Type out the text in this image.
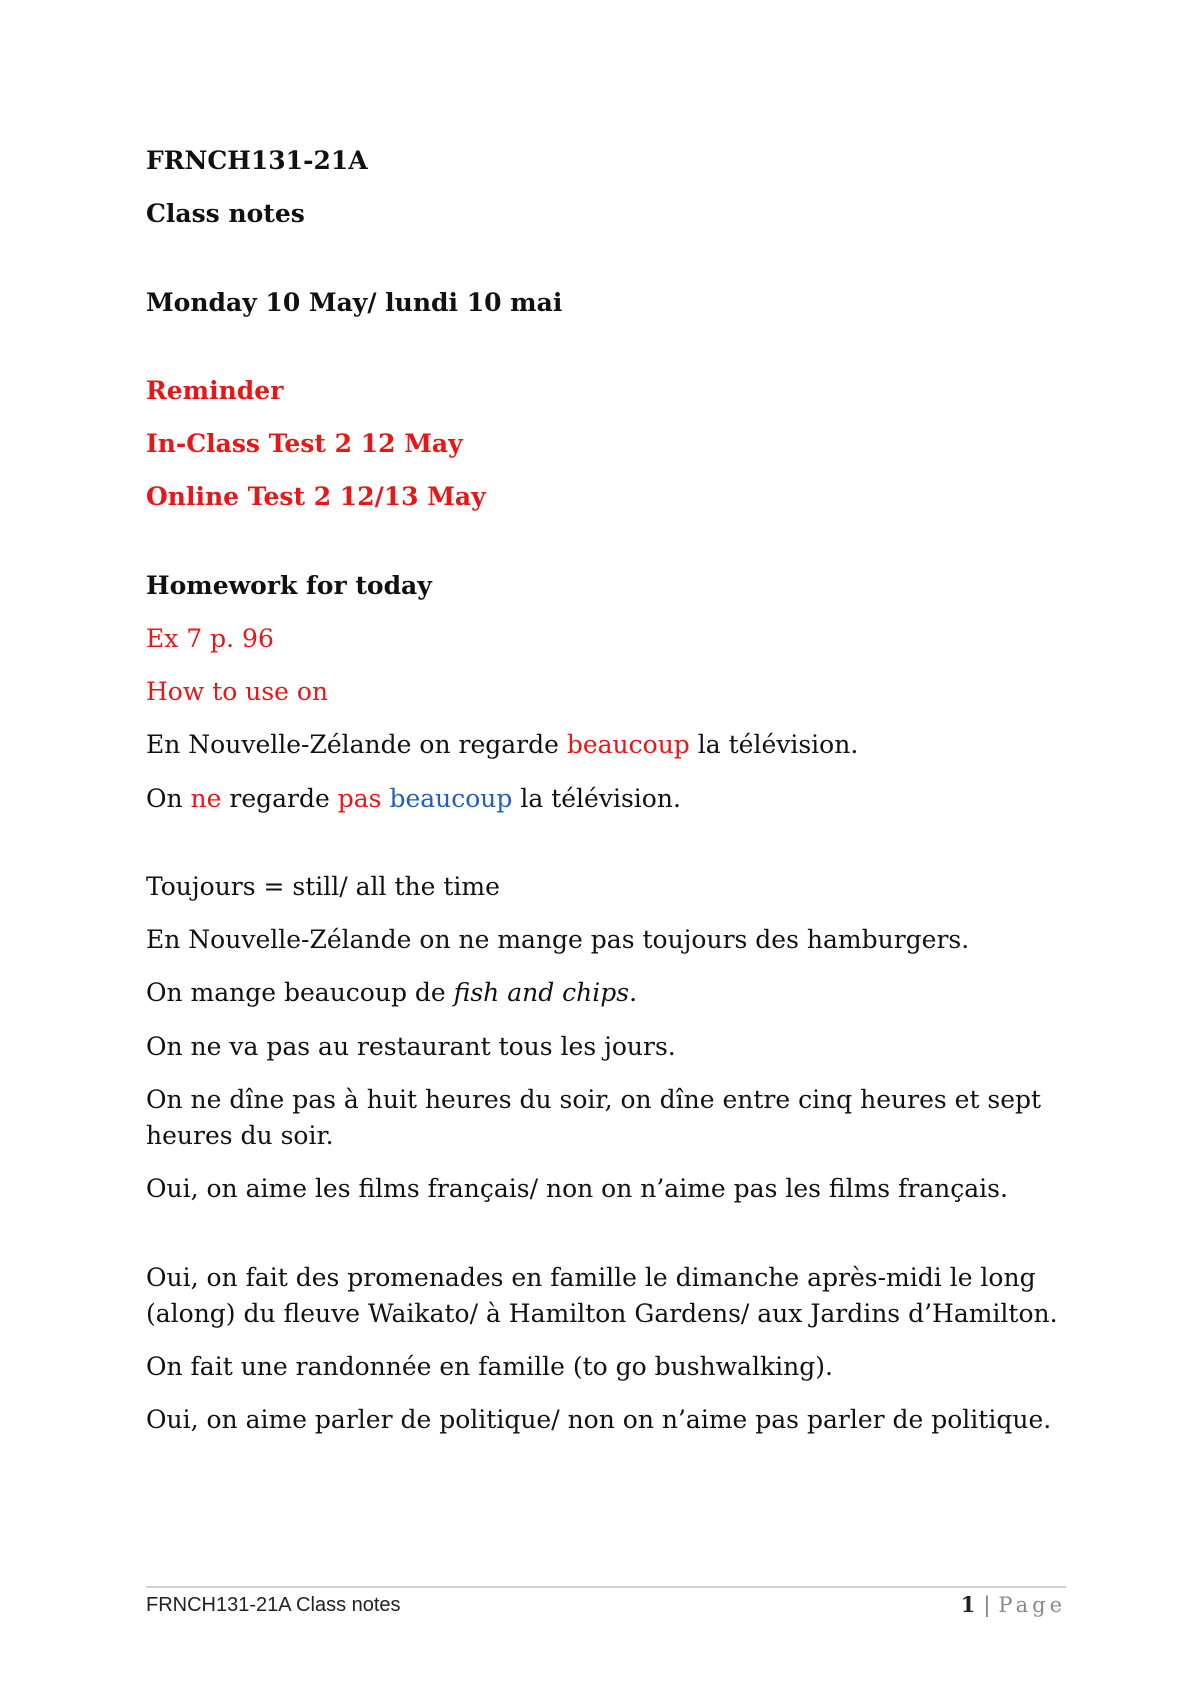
FRNCH131-21A

Class notes

Monday 10 May/ lundi 10 mai

Reminder

In-Class Test 2 12 May

Online Test 2 12/13 May

Homework for today

Ex 7 p. 96

How to use on

En Nouvelle-Zélande on regarde beaucoup la télévision.

On ne regarde pas beaucoup la télévision.

Toujours = still/ all the time

En Nouvelle-Zélande on ne mange pas toujours des hamburgers.

On mange beaucoup de fish and chips.

On ne va pas au restaurant tous les jours.

On ne dîne pas à huit heures du soir, on dîne entre cinq heures et sept heures du soir.

Oui, on aime les films français/ non on n’aime pas les films français.

Oui, on fait des promenades en famille le dimanche après-midi le long (along) du fleuve Waikato/ à Hamilton Gardens/ aux Jardins d’Hamilton.

On fait une randonnée en famille (to go bushwalking).

Oui, on aime parler de politique/ non on n’aime pas parler de politique.

FRNCH131-21A Class notes	1 | Page
